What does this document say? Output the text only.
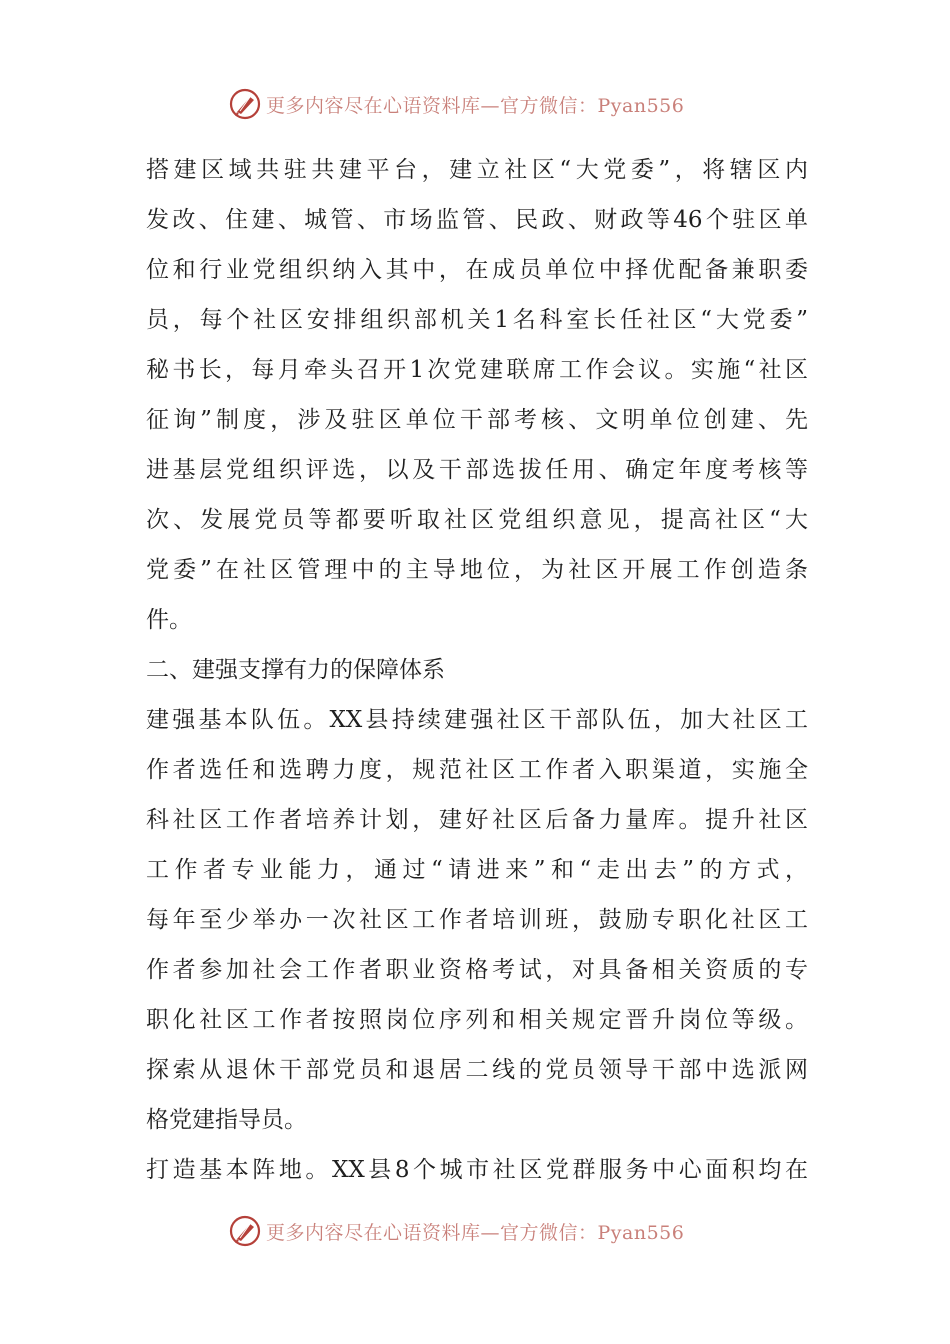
更多内容尽在心语资料库—官方微信：Pyan556
搭建区域共驻共建平台，建立社区“大党委”，将辖区内
发改、住建、城管、市场监管、民政、财政等46个驻区单
位和行业党组织纳入其中，在成员单位中择优配备兼职委
员，每个社区安排组织部机关1名科室长任社区“大党委”
秘书长，每月牵头召开1次党建联席工作会议。实施“社区
征询”制度，涉及驻区单位干部考核、文明单位创建、先
进基层党组织评选，以及干部选拔任用、确定年度考核等
次、发展党员等都要听取社区党组织意见，提高社区“大
党委”在社区管理中的主导地位，为社区开展工作创造条
件。
二、建强支撑有力的保障体系
建强基本队伍。XX县持续建强社区干部队伍，加大社区工
作者选任和选聘力度，规范社区工作者入职渠道，实施全
科社区工作者培养计划，建好社区后备力量库。提升社区
工作者专业能力，通过“请进来”和“走出去”的方式，
每年至少举办一次社区工作者培训班，鼓励专职化社区工
作者参加社会工作者职业资格考试，对具备相关资质的专
职化社区工作者按照岗位序列和相关规定晋升岗位等级。
探索从退休干部党员和退居二线的党员领导干部中选派网
格党建指导员。
打造基本阵地。XX县8个城市社区党群服务中心面积均在
更多内容尽在心语资料库—官方微信：Pyan556
